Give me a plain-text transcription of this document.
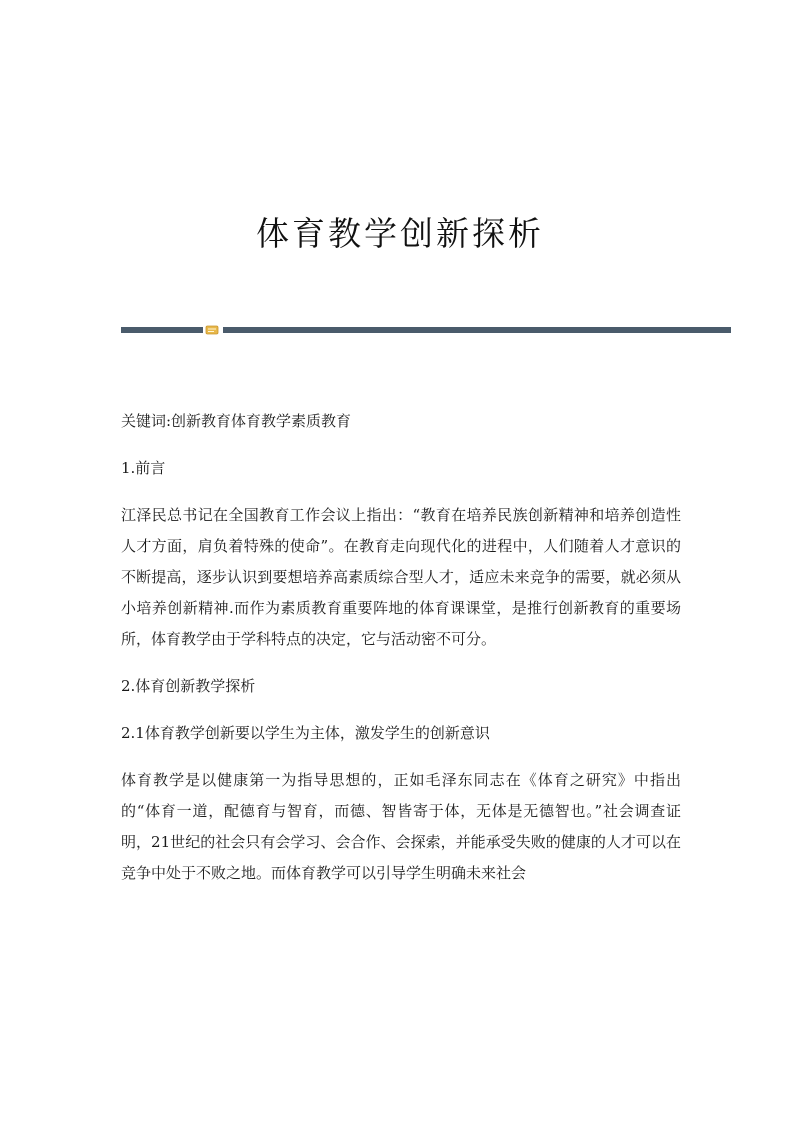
体育教学创新探析

关键词:创新教育体育教学素质教育

1.前言

江泽民总书记在全国教育工作会议上指出：“教育在培养民族创新精神和培养创造性人才方面，肩负着特殊的使命”。在教育走向现代化的进程中，人们随着人才意识的不断提高，逐步认识到要想培养高素质综合型人才，适应未来竞争的需要，就必须从小培养创新精神.而作为素质教育重要阵地的体育课课堂，是推行创新教育的重要场所，体育教学由于学科特点的决定，它与活动密不可分。

2.体育创新教学探析

2.1体育教学创新要以学生为主体，激发学生的创新意识

体育教学是以健康第一为指导思想的，正如毛泽东同志在《体育之研究》中指出的“体育一道，配德育与智育，而德、智皆寄于体，无体是无德智也。”社会调查证明，21世纪的社会只有会学习、会合作、会探索，并能承受失败的健康的人才可以在竞争中处于不败之地。而体育教学可以引导学生明确未来社会
